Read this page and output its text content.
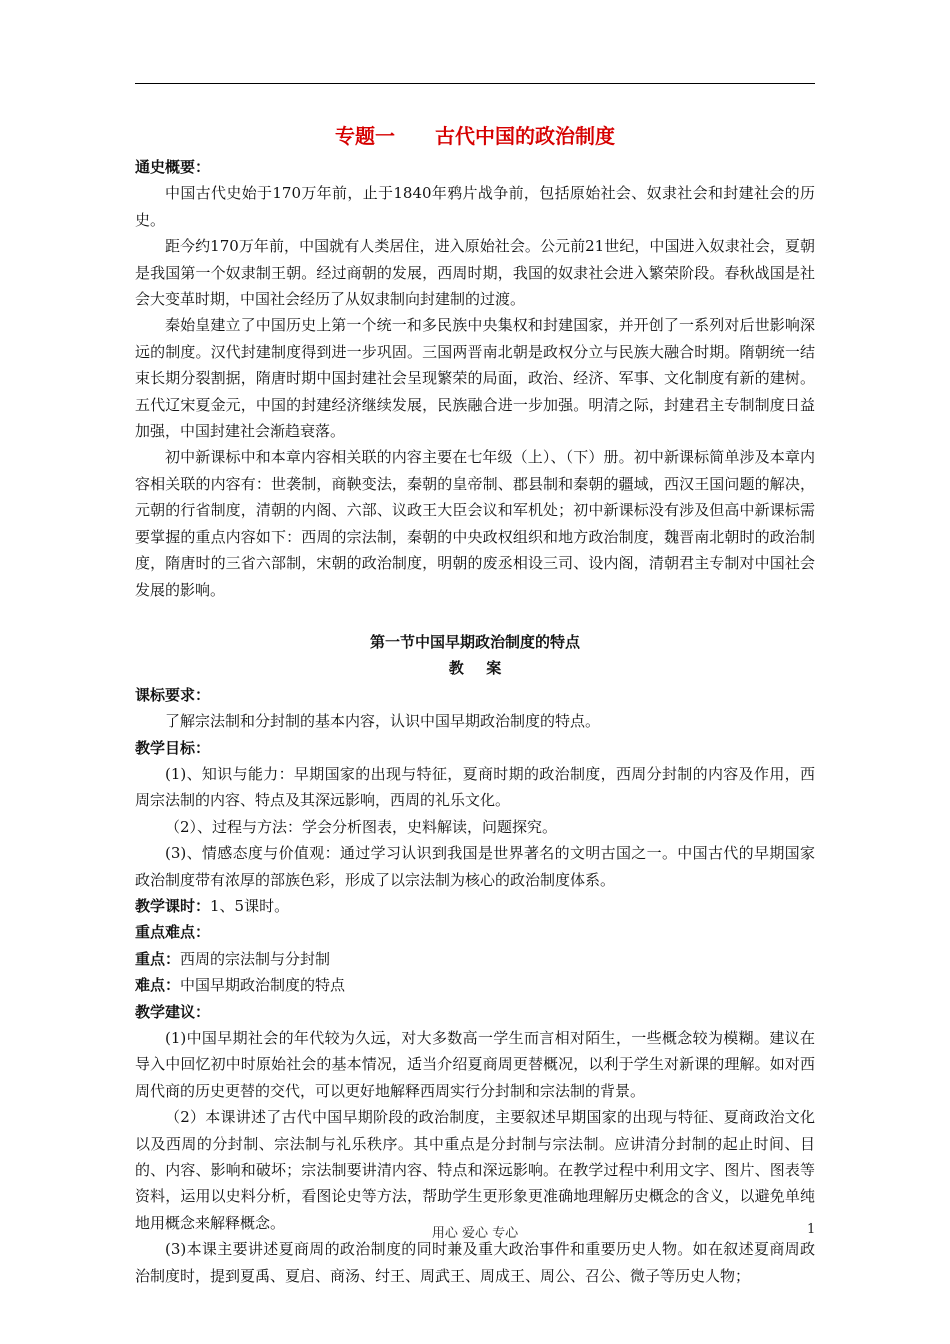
专题一　　古代中国的政治制度

通史概要：

中国古代史始于170万年前，止于1840年鸦片战争前，包括原始社会、奴隶社会和封建社会的历史。

距今约170万年前，中国就有人类居住，进入原始社会。公元前21世纪，中国进入奴隶社会，夏朝是我国第一个奴隶制王朝。经过商朝的发展，西周时期，我国的奴隶社会进入繁荣阶段。春秋战国是社会大变革时期，中国社会经历了从奴隶制向封建制的过渡。

秦始皇建立了中国历史上第一个统一和多民族中央集权和封建国家，并开创了一系列对后世影响深远的制度。汉代封建制度得到进一步巩固。三国两晋南北朝是政权分立与民族大融合时期。隋朝统一结束长期分裂割据，隋唐时期中国封建社会呈现繁荣的局面，政治、经济、军事、文化制度有新的建树。五代辽宋夏金元，中国的封建经济继续发展，民族融合进一步加强。明清之际，封建君主专制制度日益加强，中国封建社会渐趋衰落。

初中新课标中和本章内容相关联的内容主要在七年级（上）、（下）册。初中新课标简单涉及本章内容相关联的内容有：世袭制，商鞅变法，秦朝的皇帝制、郡县制和秦朝的疆域，西汉王国问题的解决，元朝的行省制度，清朝的内阁、六部、议政王大臣会议和军机处；初中新课标没有涉及但高中新课标需要掌握的重点内容如下：西周的宗法制，秦朝的中央政权组织和地方政治制度，魏晋南北朝时的政治制度，隋唐时的三省六部制，宋朝的政治制度，明朝的废丞相设三司、设内阁，清朝君主专制对中国社会发展的影响。

第一节中国早期政治制度的特点

教案

课标要求：

了解宗法制和分封制的基本内容，认识中国早期政治制度的特点。

教学目标：

(1)、知识与能力：早期国家的出现与特征，夏商时期的政治制度，西周分封制的内容及作用，西周宗法制的内容、特点及其深远影响，西周的礼乐文化。

（2）、过程与方法：学会分析图表，史料解读，问题探究。

(3)、情感态度与价值观：通过学习认识到我国是世界著名的文明古国之一。中国古代的早期国家政治制度带有浓厚的部族色彩，形成了以宗法制为核心的政治制度体系。

教学课时：1、5课时。

重点难点：

重点：西周的宗法制与分封制

难点：中国早期政治制度的特点

教学建议：

(1)中国早期社会的年代较为久远，对大多数高一学生而言相对陌生，一些概念较为模糊。建议在导入中回忆初中时原始社会的基本情况，适当介绍夏商周更替概况，以利于学生对新课的理解。如对西周代商的历史更替的交代，可以更好地解释西周实行分封制和宗法制的背景。

（2）本课讲述了古代中国早期阶段的政治制度，主要叙述早期国家的出现与特征、夏商政治文化以及西周的分封制、宗法制与礼乐秩序。其中重点是分封制与宗法制。应讲清分封制的起止时间、目的、内容、影响和破坏；宗法制要讲清内容、特点和深远影响。在教学过程中利用文字、图片、图表等资料，运用以史料分析，看图论史等方法，帮助学生更形象更准确地理解历史概念的含义，以避免单纯地用概念来解释概念。

(3)本课主要讲述夏商周的政治制度的同时兼及重大政治事件和重要历史人物。如在叙述夏商周政治制度时，提到夏禹、夏启、商汤、纣王、周武王、周成王、周公、召公、微子等历史人物；

用心 爱心 专心	1
